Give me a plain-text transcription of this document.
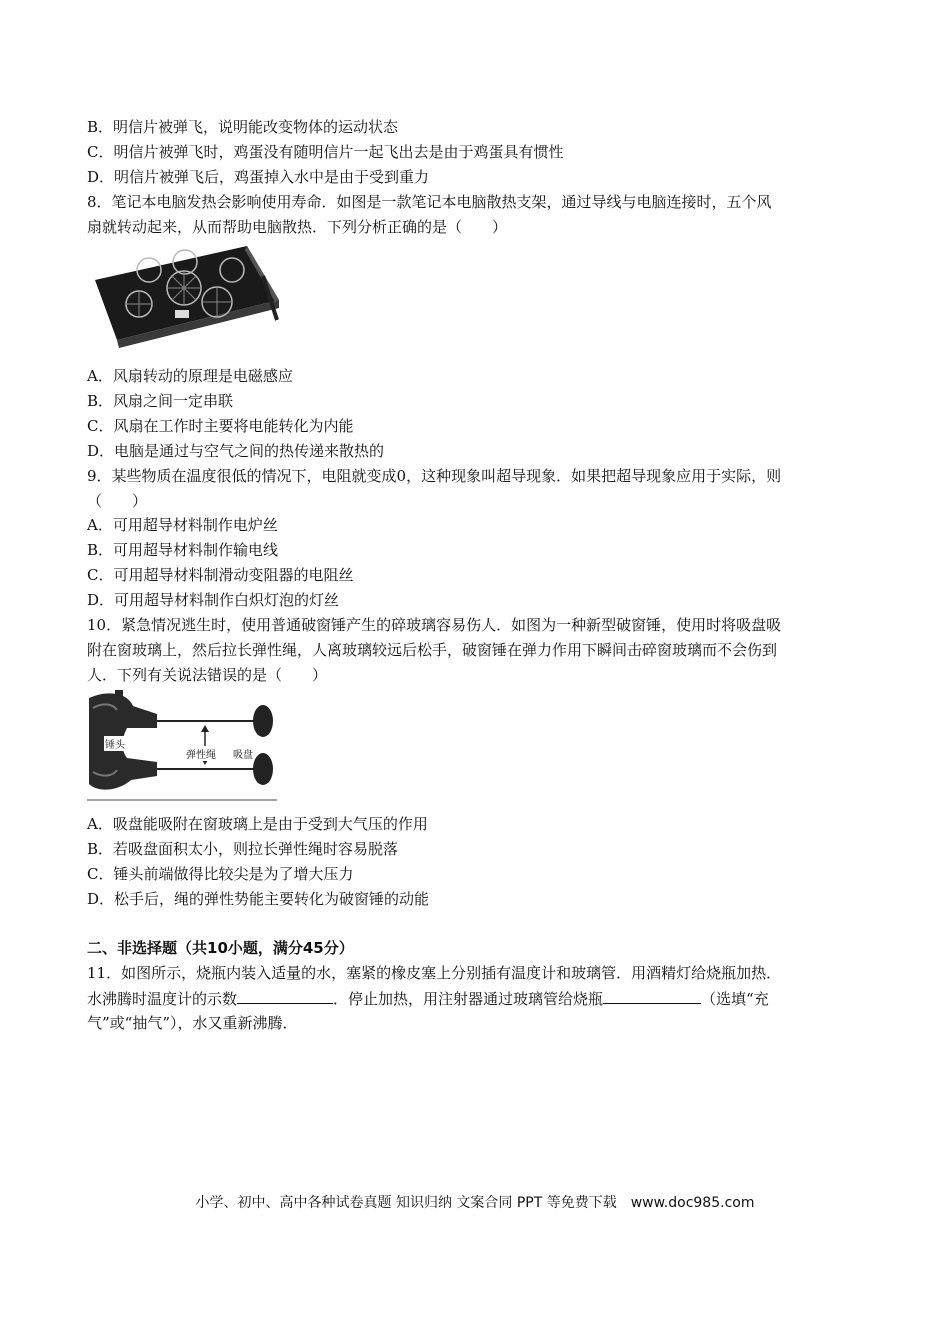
B．明信片被弹飞，说明能改变物体的运动状态
C．明信片被弹飞时，鸡蛋没有随明信片一起飞出去是由于鸡蛋具有惯性
D．明信片被弹飞后，鸡蛋掉入水中是由于受到重力
8．笔记本电脑发热会影响使用寿命．如图是一款笔记本电脑散热支架，通过导线与电脑连接时，五个风
扇就转动起来，从而帮助电脑散热．下列分析正确的是（　　）
A．风扇转动的原理是电磁感应
B．风扇之间一定串联
C．风扇在工作时主要将电能转化为内能
D．电脑是通过与空气之间的热传递来散热的
9．某些物质在温度很低的情况下，电阻就变成0，这种现象叫超导现象．如果把超导现象应用于实际，则
（　　）
A．可用超导材料制作电炉丝
B．可用超导材料制作输电线
C．可用超导材料制滑动变阻器的电阻丝
D．可用超导材料制作白炽灯泡的灯丝
10．紧急情况逃生时，使用普通破窗锤产生的碎玻璃容易伤人．如图为一种新型破窗锤，使用时将吸盘吸
附在窗玻璃上，然后拉长弹性绳，人离玻璃较远后松手，破窗锤在弹力作用下瞬间击碎窗玻璃而不会伤到
人．下列有关说法错误的是（　　）
锤头
弹性绳 吸盘
A．吸盘能吸附在窗玻璃上是由于受到大气压的作用
B．若吸盘面积太小，则拉长弹性绳时容易脱落
C．锤头前端做得比较尖是为了增大压力
D．松手后，绳的弹性势能主要转化为破窗锤的动能
二、非选择题（共10小题，满分45分）
11．如图所示，烧瓶内装入适量的水，塞紧的橡皮塞上分别插有温度计和玻璃管．用酒精灯给烧瓶加热．
水沸腾时温度计的示数	．停止加热，用注射器通过玻璃管给烧瓶	（选填“充
气”或“抽气”），水又重新沸腾．
小学、初中、高中各种试卷真题 知识归纳 文案合同 PPT 等免费下载　www.doc985.com
